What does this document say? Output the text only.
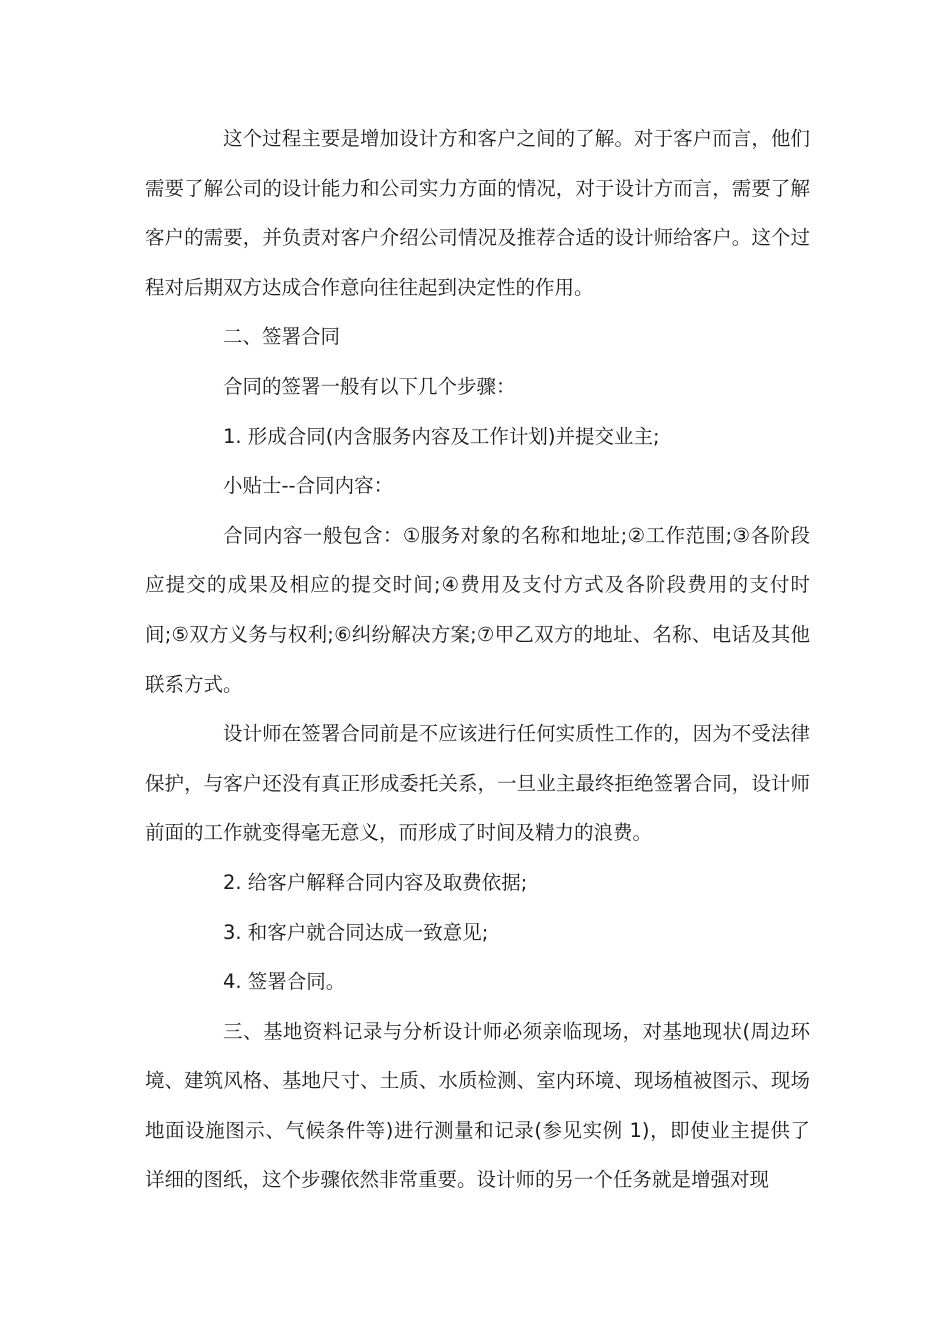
这个过程主要是增加设计方和客户之间的了解。对于客户而言，他们需要了解公司的设计能力和公司实力方面的情况，对于设计方而言，需要了解客户的需要，并负责对客户介绍公司情况及推荐合适的设计师给客户。这个过程对后期双方达成合作意向往往起到决定性的作用。

二、签署合同

合同的签署一般有以下几个步骤：

1. 形成合同(内含服务内容及工作计划)并提交业主;

小贴士--合同内容：

合同内容一般包含：①服务对象的名称和地址;②工作范围;③各阶段应提交的成果及相应的提交时间;④费用及支付方式及各阶段费用的支付时间;⑤双方义务与权利;⑥纠纷解决方案;⑦甲乙双方的地址、名称、电话及其他联系方式。

设计师在签署合同前是不应该进行任何实质性工作的，因为不受法律保护，与客户还没有真正形成委托关系，一旦业主最终拒绝签署合同，设计师前面的工作就变得毫无意义，而形成了时间及精力的浪费。

2. 给客户解释合同内容及取费依据;

3. 和客户就合同达成一致意见;

4. 签署合同。

三、基地资料记录与分析设计师必须亲临现场，对基地现状(周边环境、建筑风格、基地尺寸、土质、水质检测、室内环境、现场植被图示、现场地面设施图示、气候条件等)进行测量和记录(参见实例 1)，即使业主提供了详细的图纸，这个步骤依然非常重要。设计师的另一个任务就是增强对现
